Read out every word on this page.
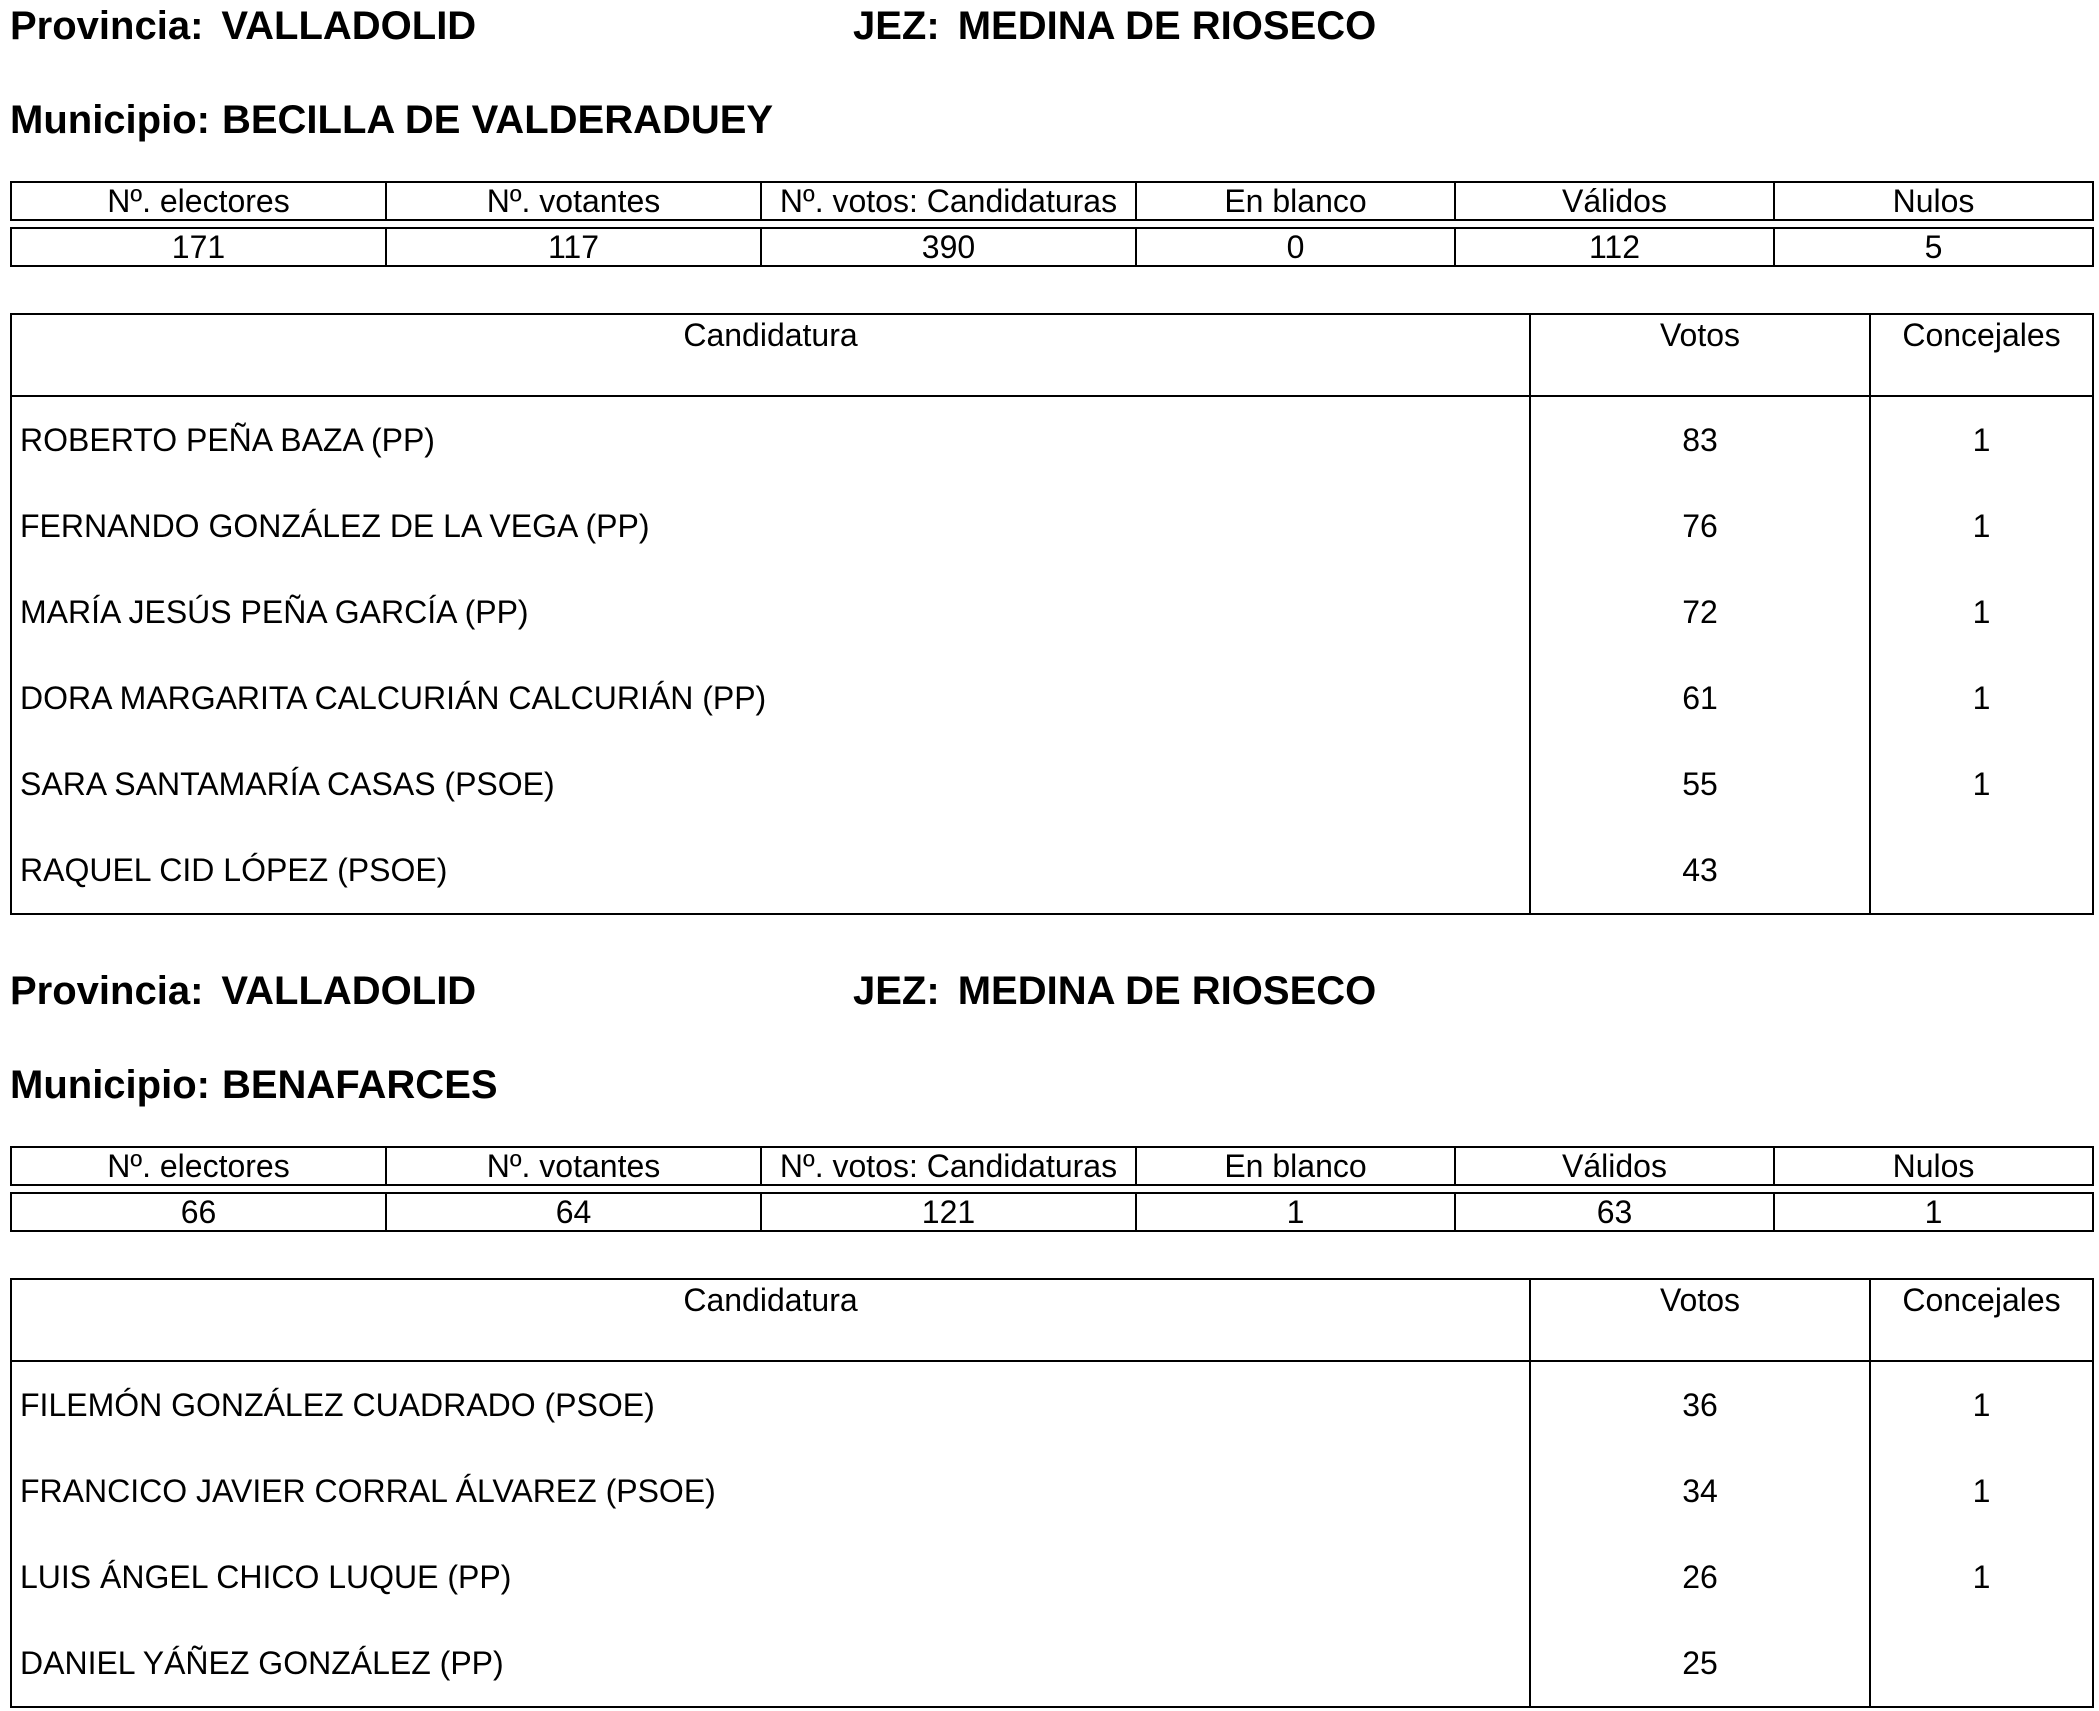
Provincia: VALLADOLID	JEZ: MEDINA DE RIOSECO
Municipio: BECILLA DE VALDERADUEY
Nº. electores	Nº. votantes	Nº. votos: Candidaturas	En blanco	Válidos	Nulos

171	117	390	0	112	5
Candidatura	Votos	Concejales
ROBERTO PEÑA BAZA (PP)	83	1
FERNANDO GONZÁLEZ DE LA VEGA (PP)	76	1
MARÍA JESÚS PEÑA GARCÍA (PP)	72	1
DORA MARGARITA CALCURIÁN CALCURIÁN (PP)	61	1
SARA SANTAMARÍA CASAS (PSOE)	55	1
RAQUEL CID LÓPEZ (PSOE)	43	
Provincia: VALLADOLID	JEZ: MEDINA DE RIOSECO
Municipio: BENAFARCES
Nº. electores	Nº. votantes	Nº. votos: Candidaturas	En blanco	Válidos	Nulos

66	64	121	1	63	1
Candidatura	Votos	Concejales
FILEMÓN GONZÁLEZ CUADRADO (PSOE)	36	1
FRANCICO JAVIER CORRAL ÁLVAREZ (PSOE)	34	1
LUIS ÁNGEL CHICO LUQUE (PP)	26	1
DANIEL YÁÑEZ GONZÁLEZ (PP)	25	
